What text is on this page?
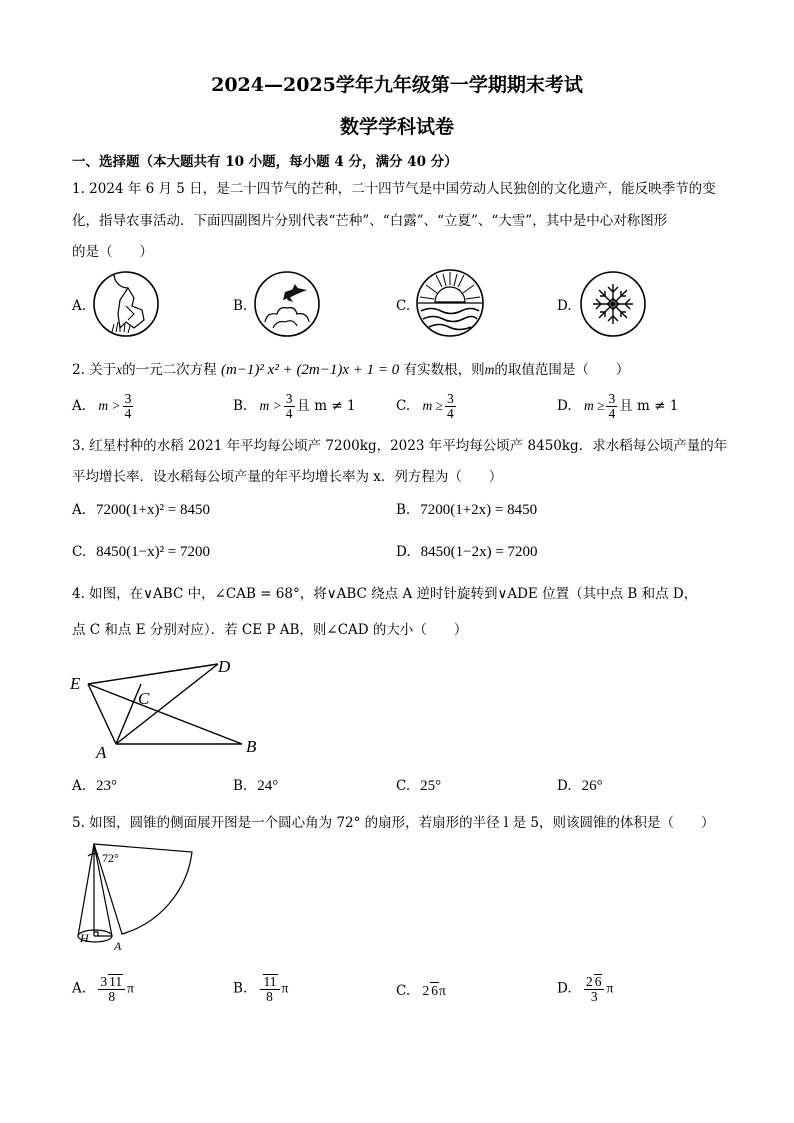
2024—2025学年九年级第一学期期末考试
数学学科试卷
一、选择题（本大题共有 10 小题，每小题 4 分，满分 40 分）
1. 2024 年 6 月 5 日，是二十四节气的芒种，二十四节气是中国劳动人民独创的文化遗产，能反映季节的变
化，指导农事活动．下面四副图片分别代表“芒种”、“白露”、“立夏”、“大雪”，其中是中心对称图形
的是（　　）
A.	B.	C.	D.
2. 关于x的一元二次方程 (m−1)² x² + (2m−1)x + 1 = 0 有实数根，则m的取值范围是（　　）
A. $m > \frac{3}{4}$	B. $m > \frac{3}{4}$ 且 m ≠ 1	C. $m \ge \frac{3}{4}$	D. $m \ge \frac{3}{4}$ 且 m ≠ 1
3. 红星村种的水稻 2021 年平均每公顷产 7200kg，2023 年平均每公顷产 8450kg．求水稻每公顷产量的年
平均增长率．设水稻每公顷产量的年平均增长率为 x．列方程为（　　）
A. 7200(1+x)² = 8450	B. 7200(1+2x) = 8450
C. 8450(1−x)² = 7200	D. 8450(1−2x) = 7200
4. 如图，在∨ABC 中，∠CAB = 68°，将∨ABC 绕点 A 逆时针旋转到∨ADE 位置（其中点 B 和点 D，
点 C 和点 E 分别对应）．若 CE P AB，则∠CAD 的大小（　　）
E
D
C
A	B
A. 23°	B. 24°	C. 25°	D. 26°
5. 如图，圆锥的侧面展开图是一个圆心角为 72° 的扇形，若扇形的半径 l 是 5，则该圆锥的体积是（　　）
72°
H
A
A. $\frac{3 11}{8}$ π	B. $\frac{11}{8}$ π	C. 2 6π	D. $\frac{2 6}{3}$ π
